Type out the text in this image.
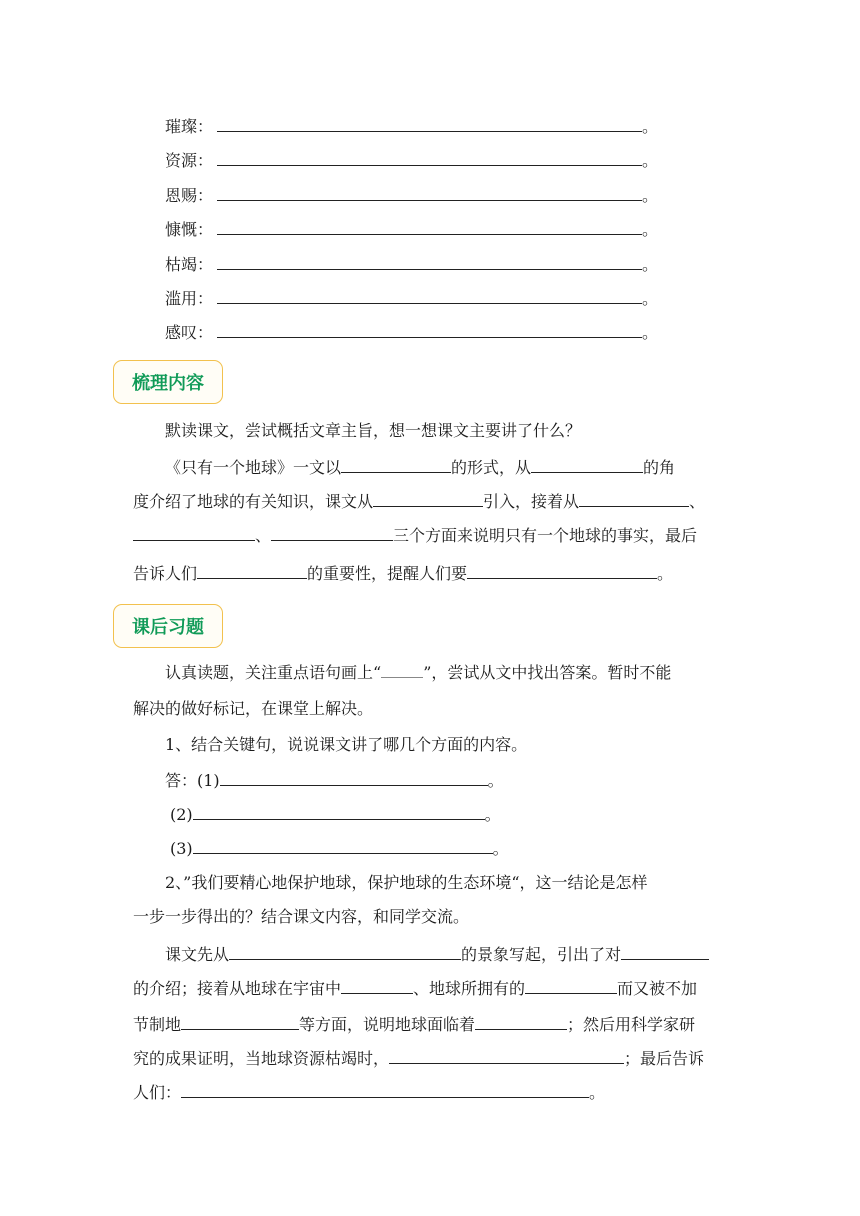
璀璨：	。
资源：	。
恩赐：	。
慷慨：	。
枯竭：	。
滥用：	。
感叹：	。
梳理内容
默读课文，尝试概括文章主旨，想一想课文主要讲了什么？
《只有一个地球》一文以	的形式，从	的角
度介绍了地球的有关知识，课文从	引入，接着从	、
、	三个方面来说明只有一个地球的事实，最后
告诉人们	的重要性，提醒人们要	。
课后习题
认真读题，关注重点语句画上“	”，尝试从文中找出答案。暂时不能
解决的做好标记，在课堂上解决。
1、结合关键句，说说课文讲了哪几个方面的内容。
答：(1)	。
(2)	。
(3)	。
2、”我们要精心地保护地球，保护地球的生态环境“，这一结论是怎样
一步一步得出的？结合课文内容，和同学交流。
课文先从	的景象写起，引出了对
的介绍；接着从地球在宇宙中	、地球所拥有的	而又被不加
节制地	等方面，说明地球面临着	；然后用科学家研
究的成果证明，当地球资源枯竭时，	；最后告诉
人们：	。
